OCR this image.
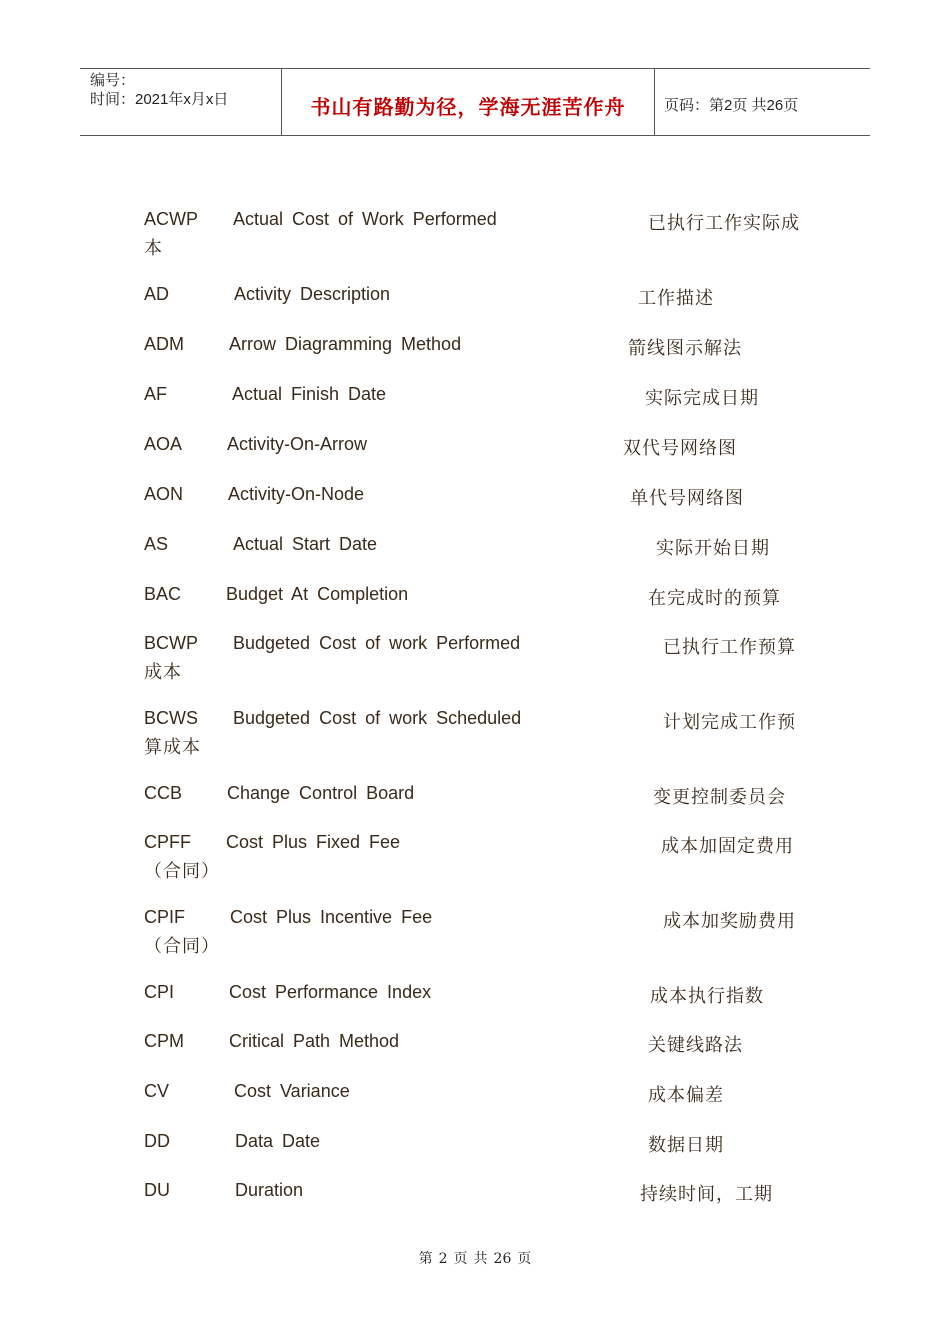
编号：
时间：2021年x月x日	书山有路勤为径，学海无涯苦作舟	页码：第2页 共26页
ACWP Actual Cost of Work Performed	已执行工作实际成
本
AD	Activity Description	工作描述
ADM	Arrow Diagramming Method	箭线图示解法
AF	Actual Finish Date	实际完成日期
AOA Activity-On-Arrow	双代号网络图
AON Activity-On-Node	单代号网络图
AS	Actual Start Date	实际开始日期
BAC Budget At Completion	在完成时的预算
BCWP Budgeted Cost of work Performed	已执行工作预算
成本
BCWS Budgeted Cost of work Scheduled	计划完成工作预
算成本
CCB Change Control Board	变更控制委员会
CPFF Cost Plus Fixed Fee	成本加固定费用
（合同）
CPIF Cost Plus Incentive Fee	成本加奖励费用
（合同）
CPI	Cost Performance Index	成本执行指数
CPM	Critical Path Method	关键线路法
CV	Cost Variance	成本偏差
DD	Data Date	数据日期
DU	Duration	持续时间，工期
第 2 页 共 26 页
